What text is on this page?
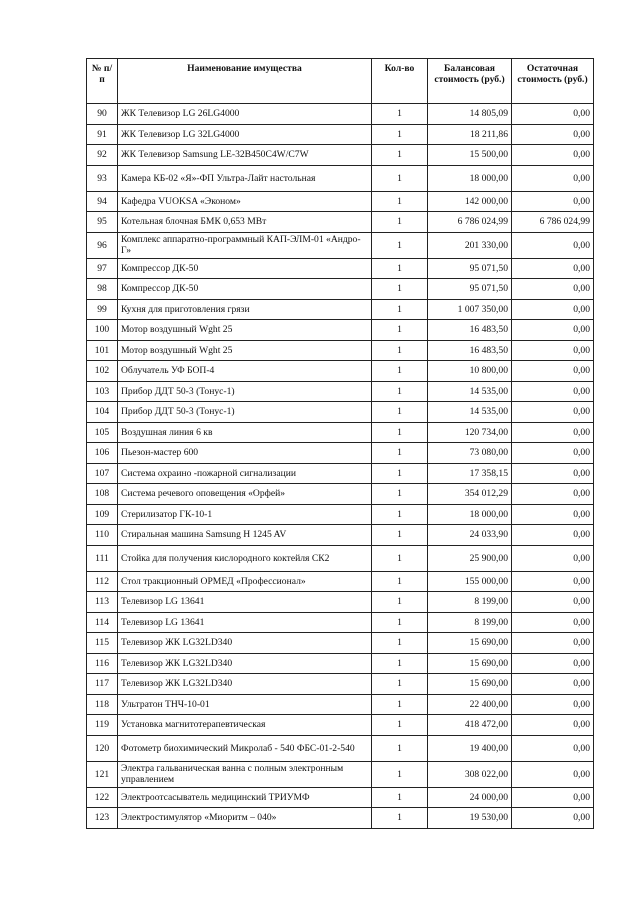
№ п/п	Наименование имущества	Кол-во	Балансовая стоимость (руб.)	Остаточная стоимость (руб.)
90	ЖК Телевизор LG 26LG4000	1	14 805,09	0,00
91	ЖК Телевизор LG 32LG4000	1	18 211,86	0,00
92	ЖК Телевизор Samsung LE-32B450C4W/C7W	1	15 500,00	0,00
93	Камера КБ-02 «Я»-ФП Ультра-Лайт настольная	1	18 000,00	0,00
94	Кафедра VUOKSA «Эконом»	1	142 000,00	0,00
95	Котельная блочная БМК 0,653 МВт	1	6 786 024,99	6 786 024,99
96	Комплекс аппаратно-программный КАП-ЭЛМ-01 «Андро-Г»	1	201 330,00	0,00
97	Компрессор ДК-50	1	95 071,50	0,00
98	Компрессор ДК-50	1	95 071,50	0,00
99	Кухня для приготовления грязи	1	1 007 350,00	0,00
100	Мотор воздушный Wght 25	1	16 483,50	0,00
101	Мотор воздушный Wght 25	1	16 483,50	0,00
102	Облучатель УФ БОП-4	1	10 800,00	0,00
103	Прибор ДДТ 50-3 (Тонус-1)	1	14 535,00	0,00
104	Прибор ДДТ 50-3 (Тонус-1)	1	14 535,00	0,00
105	Воздушная линия 6 кв	1	120 734,00	0,00
106	Пьезон-мастер 600	1	73 080,00	0,00
107	Система охраино -пожарной сигнализации	1	17 358,15	0,00
108	Система речевого оповещения «Орфей»	1	354 012,29	0,00
109	Стерилизатор ГК-10-1	1	18 000,00	0,00
110	Стиральная машина Samsung H 1245 AV	1	24 033,90	0,00
111	Стойка для получения кислородного коктейля СК2	1	25 900,00	0,00
112	Стол тракционный ОРМЕД «Профессионал»	1	155 000,00	0,00
113	Телевизор LG 13641	1	8 199,00	0,00
114	Телевизор LG 13641	1	8 199,00	0,00
115	Телевизор ЖК LG32LD340	1	15 690,00	0,00
116	Телевизор ЖК LG32LD340	1	15 690,00	0,00
117	Телевизор ЖК LG32LD340	1	15 690,00	0,00
118	Ультратон ТНЧ-10-01	1	22 400,00	0,00
119	Установка магнитотерапевтическая	1	418 472,00	0,00
120	Фотометр биохимический Микролаб - 540 ФБС-01-2-540	1	19 400,00	0,00
121	Электра гальваническая ванна с полным электронным управлением	1	308 022,00	0,00
122	Электроотсасыватель медицинский ТРИУМФ	1	24 000,00	0,00
123	Электростимулятор «Миоритм – 040»	1	19 530,00	0,00
